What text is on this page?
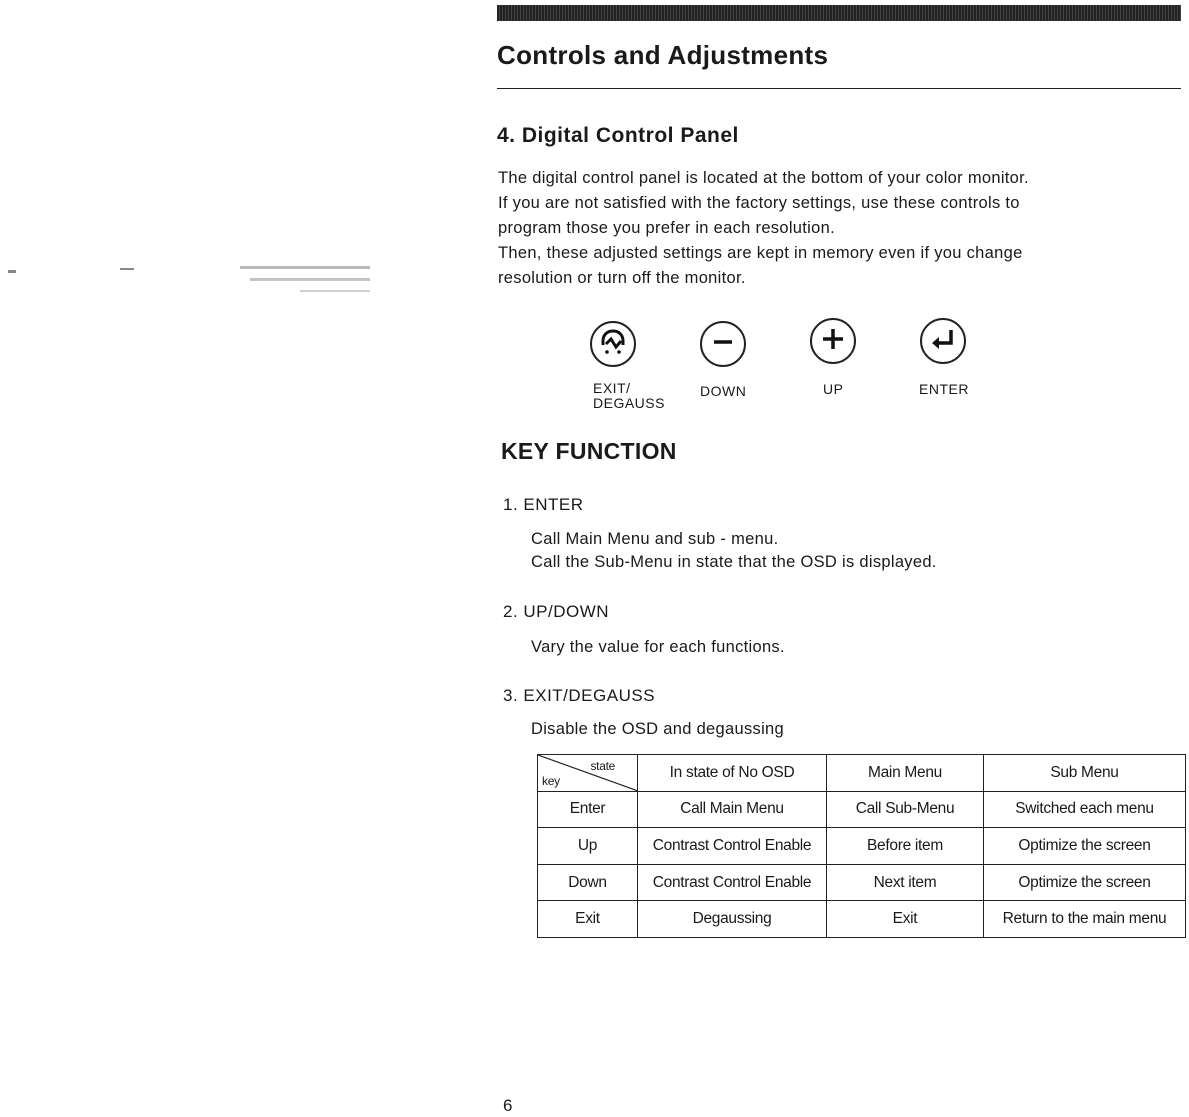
Controls and Adjustments
4. Digital Control Panel

The digital control panel is located at the bottom of your color monitor.
If you are not satisfied with the factory settings, use these controls to
program those you prefer in each resolution.
Then, these adjusted settings are kept in memory even if you change
resolution or turn off the monitor.

EXIT/
DEGAUSS
DOWN	UP	ENTER
KEY FUNCTION
1. ENTER
Call Main Menu and sub - menu.
Call the Sub-Menu in state that the OSD is displayed.
2. UP/DOWN
Vary the value for each functions.
3. EXIT/DEGAUSS
Disable the OSD and degaussing
state
key	In state of No OSD	Main Menu	Sub Menu
Enter	Call Main Menu	Call Sub-Menu	Switched each menu
Up	Contrast Control Enable	Before item	Optimize the screen
Down	Contrast Control Enable	Next item	Optimize the screen
Exit	Degaussing	Exit	Return to the main menu
6
